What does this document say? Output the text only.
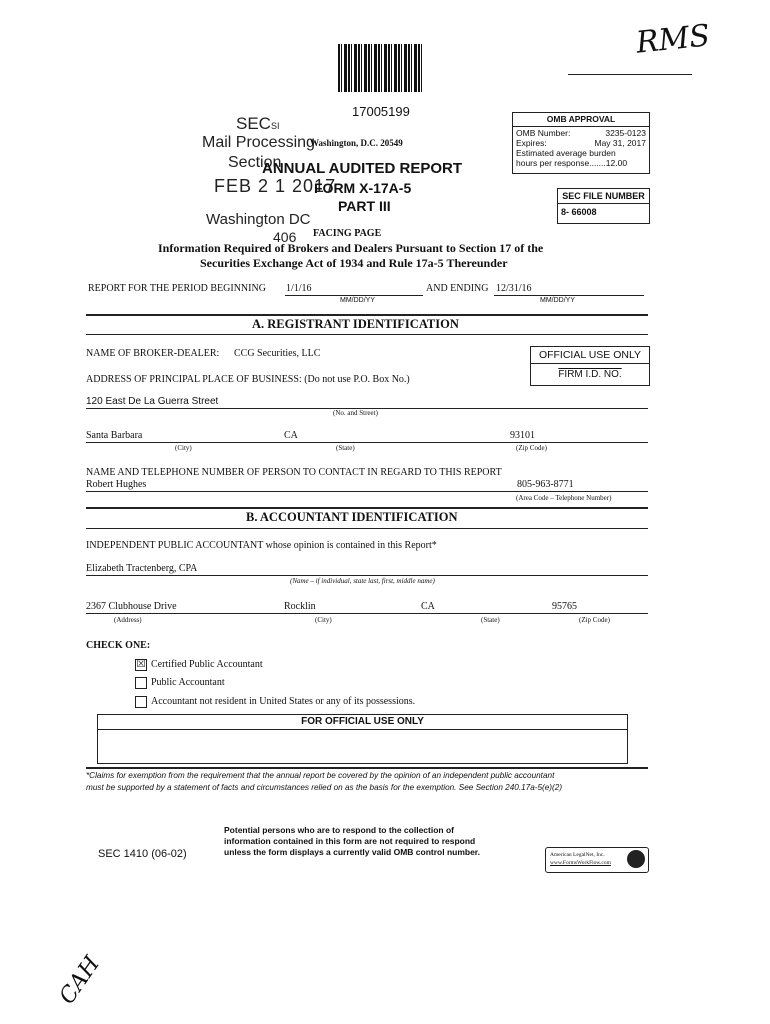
RMS
17005199
SECSI
Mail Processing
Section
FEB 2 1 2017
Washington DC
406
Washington, D.C. 20549
ANNUAL AUDITED REPORT
FORM X-17A-5
PART III
FACING PAGE
Information Required of Brokers and Dealers Pursuant to Section 17 of the
Securities Exchange Act of 1934 and Rule 17a-5 Thereunder
OMB APPROVAL
OMB Number:	3235-0123
Expires:	May 31, 2017
Estimated average burden
hours per response.......12.00
SEC FILE NUMBER
8- 66008
REPORT FOR THE PERIOD BEGINNING 1/1/16	AND ENDING 12/31/16
MM/DD/YY	MM/DD/YY
A. REGISTRANT IDENTIFICATION
NAME OF BROKER-DEALER: CCG Securities, LLC	OFFICIAL USE ONLY
FIRM I.D. NO.
ADDRESS OF PRINCIPAL PLACE OF BUSINESS: (Do not use P.O. Box No.)
120 East De La Guerra Street
(No. and Street)
Santa Barbara	CA	93101
(City)	(State)	(Zip Code)
NAME AND TELEPHONE NUMBER OF PERSON TO CONTACT IN REGARD TO THIS REPORT
Robert Hughes	805-963-8771
(Area Code – Telephone Number)
B. ACCOUNTANT IDENTIFICATION
INDEPENDENT PUBLIC ACCOUNTANT whose opinion is contained in this Report*
Elizabeth Tractenberg, CPA
(Name – if individual, state last, first, middle name)
2367 Clubhouse Drive	Rocklin	CA	95765
(Address)	(City)	(State)	(Zip Code)
CHECK ONE:
☒ Certified Public Accountant
Public Accountant
Accountant not resident in United States or any of its possessions.
FOR OFFICIAL USE ONLY
*Claims for exemption from the requirement that the annual report be covered by the opinion of an independent public accountant
must be supported by a statement of facts and circumstances relied on as the basis for the exemption. See Section 240.17a-5(e)(2)
Potential persons who are to respond to the collection of
information contained in this form are not required to respond
unless the form displays a currently valid OMB control number.
SEC 1410 (06-02)	American LegalNet, Inc.
www.FormsWorkFlow.com
CAH
